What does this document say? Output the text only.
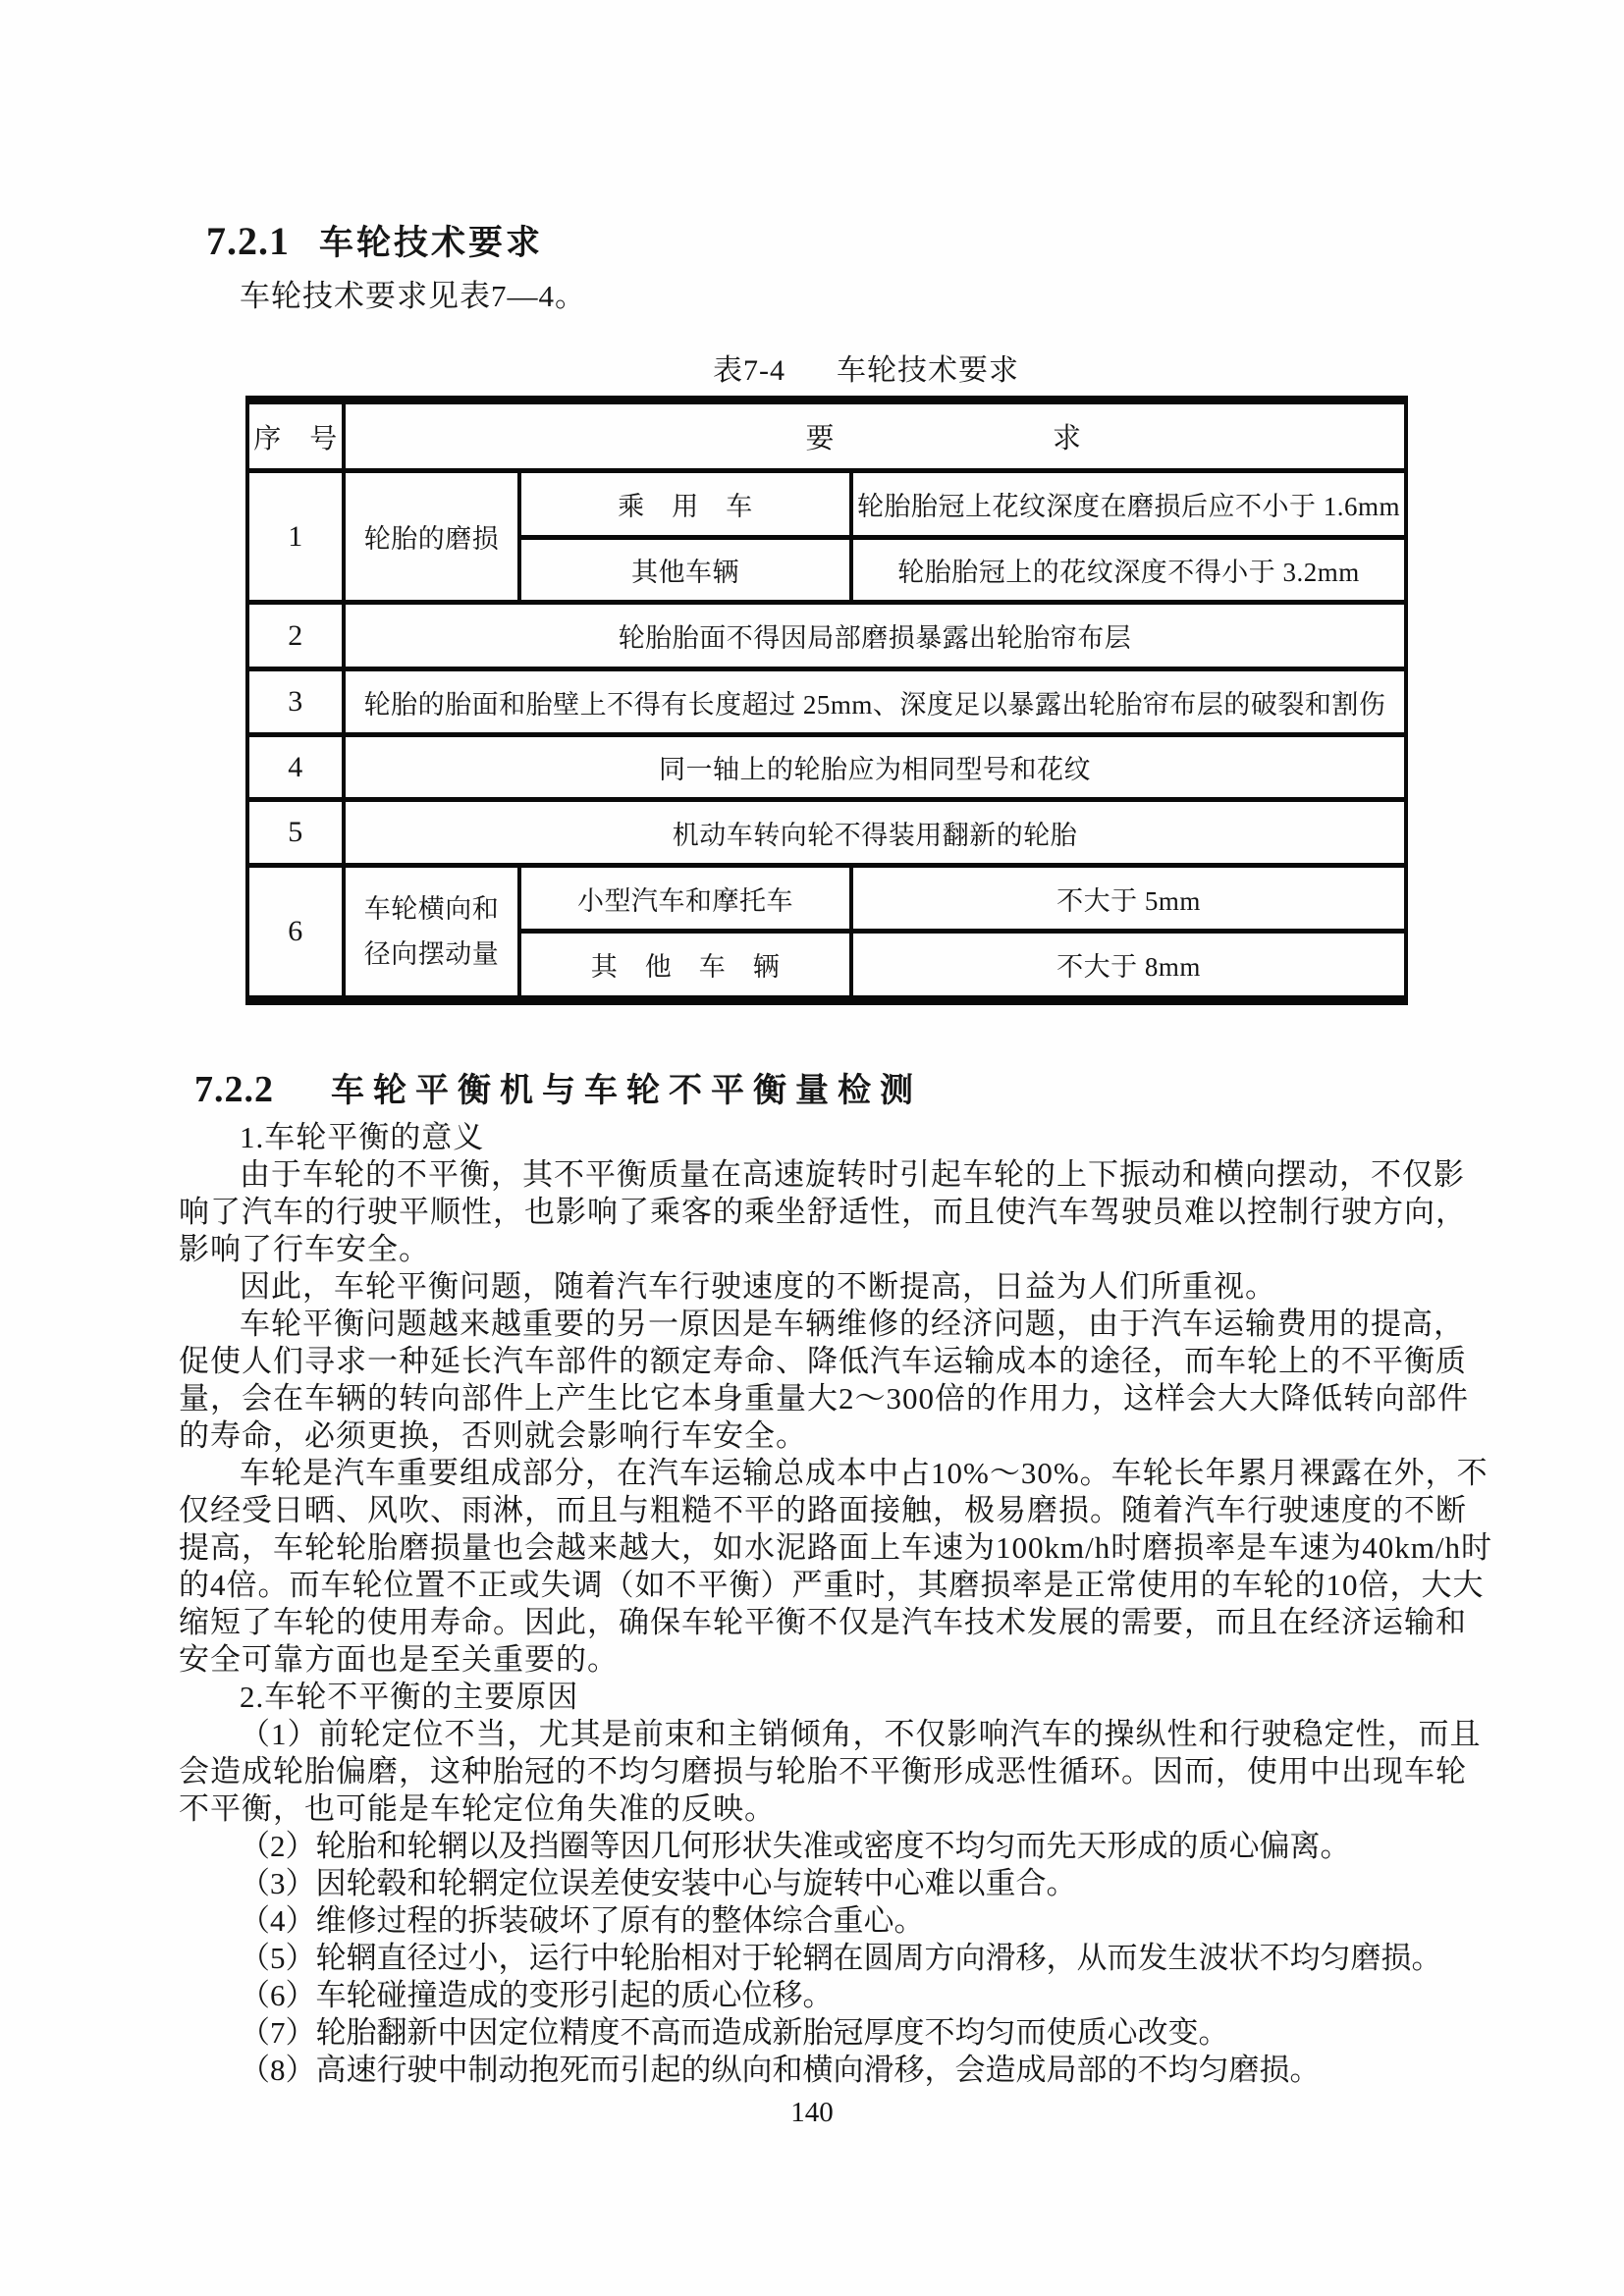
7.2.1 车轮技术要求
车轮技术要求见表7—4。
表7-4 车轮技术要求
序　号	要 求		

1	轮胎的磨损	乘　用　车	轮胎胎冠上花纹深度在磨损后应不小于 1.6mm
		其他车辆	轮胎胎冠上的花纹深度不得小于 3.2mm
2	轮胎胎面不得因局部磨损暴露出轮胎帘布层		
3	轮胎的胎面和胎壁上不得有长度超过 25mm、深度足以暴露出轮胎帘布层的破裂和割伤		
4	同一轴上的轮胎应为相同型号和花纹		
5	机动车转向轮不得装用翻新的轮胎		
6	车轮横向和
径向摆动量	小型汽车和摩托车	不大于 5mm
		其　他　车　辆	不大于 8mm
7.2.2 车轮平衡机与车轮不平衡量检测

1.车轮平衡的意义

由于车轮的不平衡，其不平衡质量在高速旋转时引起车轮的上下振动和横向摆动，不仅影响了汽车的行驶平顺性，也影响了乘客的乘坐舒适性，而且使汽车驾驶员难以控制行驶方向，影响了行车安全。

因此，车轮平衡问题，随着汽车行驶速度的不断提高，日益为人们所重视。

车轮平衡问题越来越重要的另一原因是车辆维修的经济问题，由于汽车运输费用的提高，促使人们寻求一种延长汽车部件的额定寿命、降低汽车运输成本的途径，而车轮上的不平衡质量，会在车辆的转向部件上产生比它本身重量大2～300倍的作用力，这样会大大降低转向部件的寿命，必须更换，否则就会影响行车安全。

车轮是汽车重要组成部分，在汽车运输总成本中占10%～30%。车轮长年累月裸露在外，不仅经受日晒、风吹、雨淋，而且与粗糙不平的路面接触，极易磨损。随着汽车行驶速度的不断提高，车轮轮胎磨损量也会越来越大，如水泥路面上车速为100km/h时磨损率是车速为40km/h时的4倍。而车轮位置不正或失调（如不平衡）严重时，其磨损率是正常使用的车轮的10倍，大大缩短了车轮的使用寿命。因此，确保车轮平衡不仅是汽车技术发展的需要，而且在经济运输和安全可靠方面也是至关重要的。

2.车轮不平衡的主要原因

（1）前轮定位不当，尤其是前束和主销倾角，不仅影响汽车的操纵性和行驶稳定性，而且会造成轮胎偏磨，这种胎冠的不均匀磨损与轮胎不平衡形成恶性循环。因而，使用中出现车轮不平衡，也可能是车轮定位角失准的反映。

（2）轮胎和轮辋以及挡圈等因几何形状失准或密度不均匀而先天形成的质心偏离。

（3）因轮毂和轮辋定位误差使安装中心与旋转中心难以重合。

（4）维修过程的拆装破坏了原有的整体综合重心。

（5）轮辋直径过小，运行中轮胎相对于轮辋在圆周方向滑移，从而发生波状不均匀磨损。

（6）车轮碰撞造成的变形引起的质心位移。

（7）轮胎翻新中因定位精度不高而造成新胎冠厚度不均匀而使质心改变。

（8）高速行驶中制动抱死而引起的纵向和横向滑移，会造成局部的不均匀磨损。

140
